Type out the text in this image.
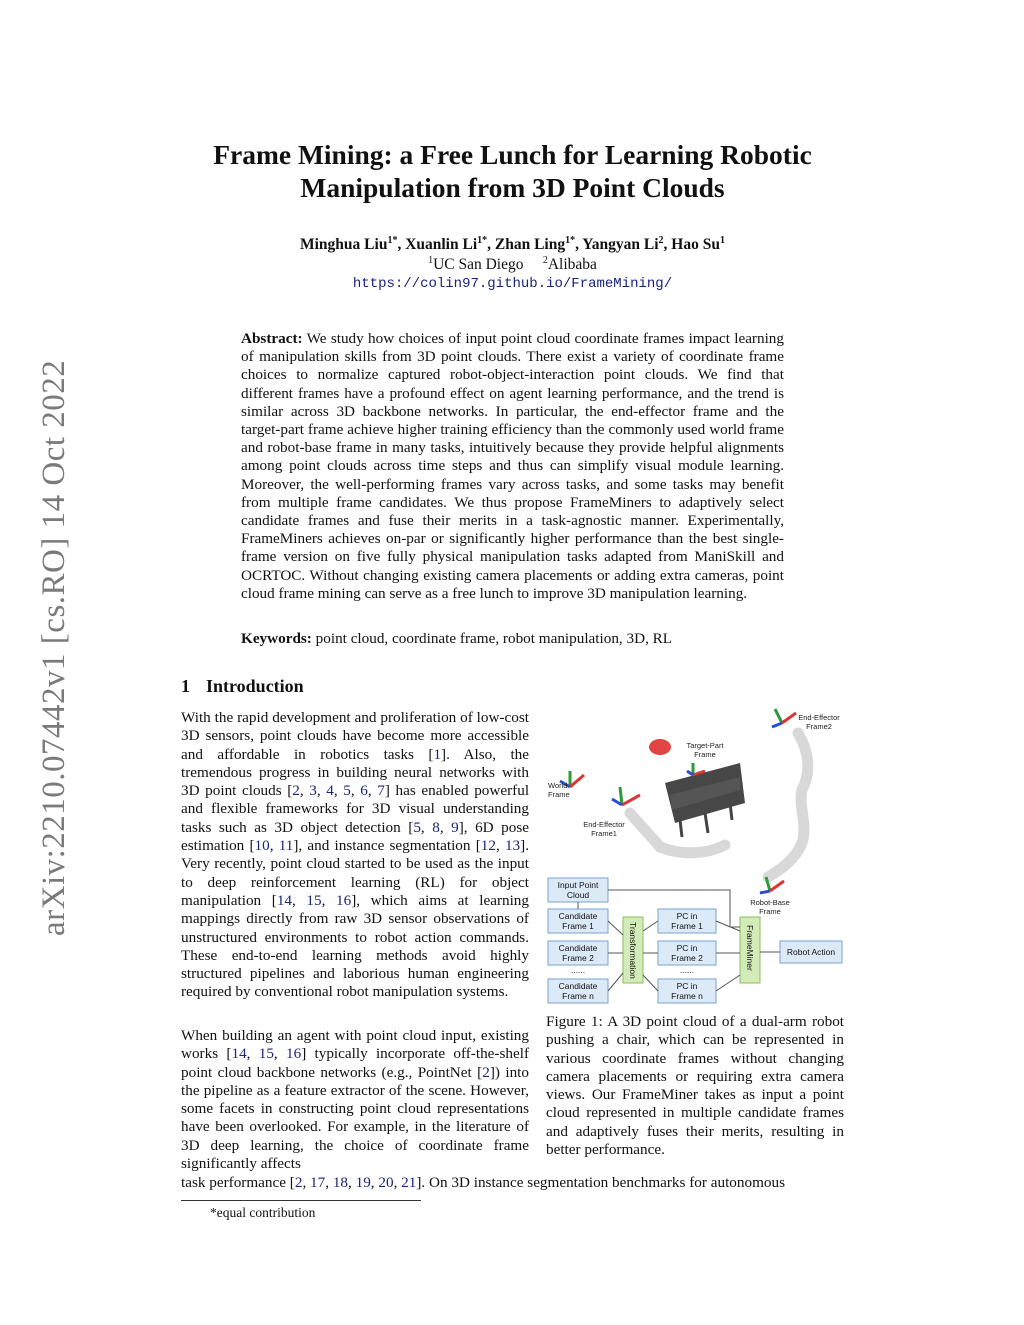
arXiv:2210.07442v1 [cs.RO] 14 Oct 2022
Frame Mining: a Free Lunch for Learning Robotic Manipulation from 3D Point Clouds
Minghua Liu$^{1*}$, Xuanlin $Li^{1*}$, Zhan Ling$^{1*}$, Yangyan Li$^2$, Hao Su$^1$
$^1$UC San Diego $^2$Alibaba
https://colin97.github.io/FrameMining/
Abstract: We study how choices of input point cloud coordinate frames impact learning of manipulation skills from 3D point clouds. There exist a variety of coordinate frame choices to normalize captured robot-object-interaction point clouds. We find that different frames have a profound effect on agent learning performance, and the trend is similar across 3D backbone networks. In particular, the end-effector frame and the target-part frame achieve higher training efficiency than the commonly used world frame and robot-base frame in many tasks, intuitively because they provide helpful alignments among point clouds across time steps and thus can simplify visual module learning. Moreover, the well-performing frames vary across tasks, and some tasks may benefit from multiple frame candidates. We thus propose FrameMiners to adaptively select candidate frames and fuse their merits in a task-agnostic manner. Experimentally, FrameMiners achieves on-par or significantly higher performance than the best single-frame version on five fully physical manipulation tasks adapted from ManiSkill and OCRTOC. Without changing existing camera placements or adding extra cameras, point cloud frame mining can serve as a free lunch to improve 3D manipulation learning.
Keywords: point cloud, coordinate frame, robot manipulation, 3D, RL
1 Introduction
With the rapid development and proliferation of low-cost 3D sensors, point clouds have become more accessible and affordable in robotics tasks [1]. Also, the tremendous progress in building neural networks with 3D point clouds [2, 3, 4, 5, 6, 7] has enabled powerful and flexible frameworks for 3D visual understanding tasks such as 3D object detection [5, 8, 9], 6D pose estimation [10, 11], and instance segmentation [12, 13]. Very recently, point cloud started to be used as the input to deep reinforcement learning (RL) for object manipulation [14, 15, 16], which aims at learning mappings directly from raw 3D sensor observations of unstructured environments to robot action commands. These end-to-end learning methods avoid highly structured pipelines and laborious human engineering required by conventional robot manipulation systems.
When building an agent with point cloud input, existing works [14, 15, 16] typically incorporate off-the-shelf point cloud backbone networks (e.g., PointNet [2]) into the pipeline as a feature extractor of the scene. However, some facets in constructing point cloud representations have been overlooked. For example, in the literature of 3D deep learning, the choice of coordinate frame significantly affects
task performance [2, 17, 18, 19, 20, 21]. On 3D instance segmentation benchmarks for autonomous
World Frame
Target-Part Frame
End-Effector Frame1
End-Effector Frame2
Robot-Base Frame
Input Point Cloud
Candidate Frame 1
Candidate Frame 2
......
Candidate Frame n
Transformation
PC in Frame 1
PC in Frame 2
......
PC in Frame n
FrameMiner	Robot Action
Figure 1: A 3D point cloud of a dual-arm robot pushing a chair, which can be represented in various coordinate frames without changing camera placements or requiring extra camera views. Our FrameMiner takes as input a point cloud represented in multiple candidate frames and adaptively fuses their merits, resulting in better performance.
*equal contribution
